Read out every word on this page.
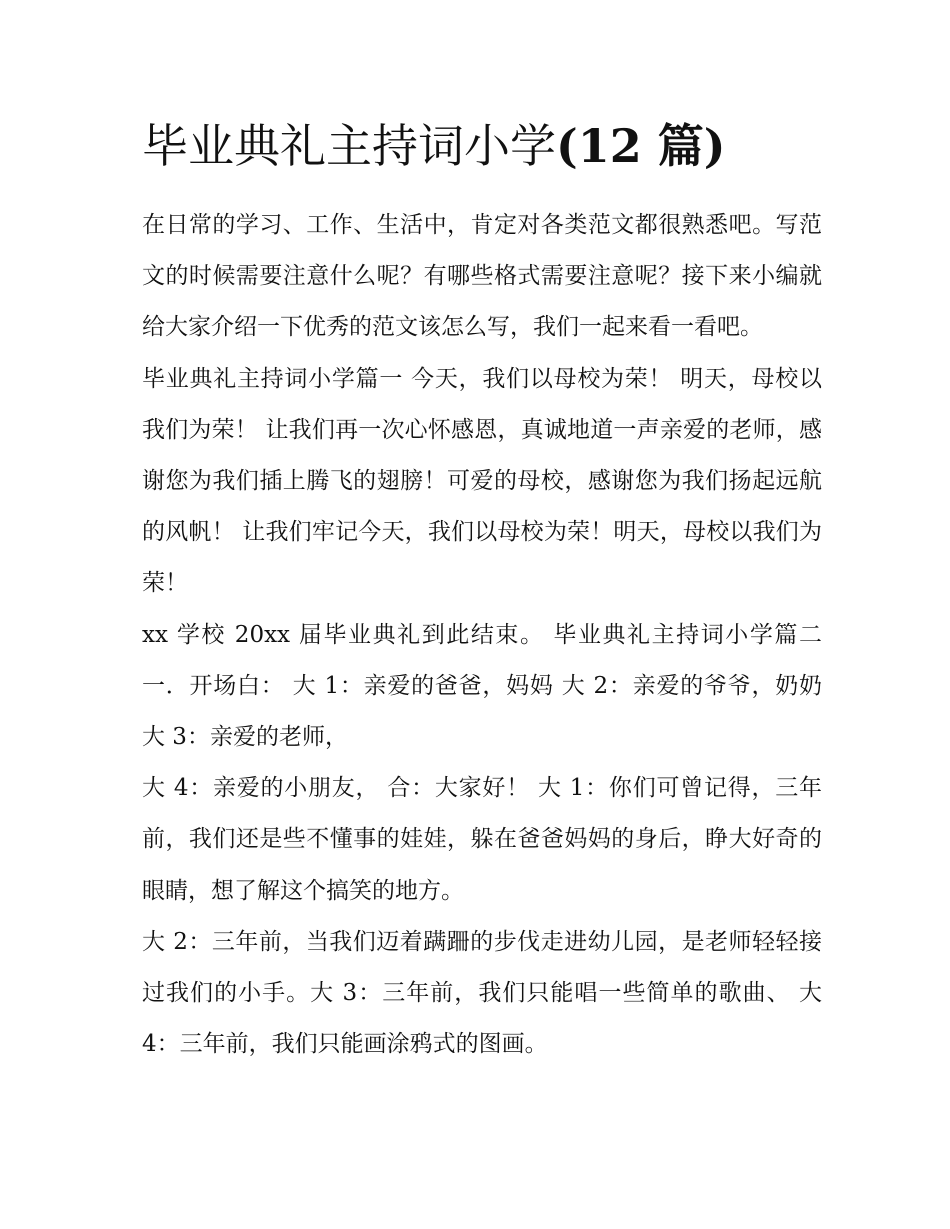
毕业典礼主持词小学(12 篇)

在日常的学习、工作、生活中，肯定对各类范文都很熟悉吧。写范文的时候需要注意什么呢？有哪些格式需要注意呢？接下来小编就给大家介绍一下优秀的范文该怎么写，我们一起来看一看吧。

毕业典礼主持词小学篇一 今天，我们以母校为荣！ 明天，母校以我们为荣！ 让我们再一次心怀感恩，真诚地道一声亲爱的老师，感谢您为我们插上腾飞的翅膀！可爱的母校，感谢您为我们扬起远航的风帆！ 让我们牢记今天，我们以母校为荣！明天，母校以我们为荣！

xx 学校 20xx 届毕业典礼到此结束。 毕业典礼主持词小学篇二 一．开场白： 大 1：亲爱的爸爸，妈妈 大 2：亲爱的爷爷，奶奶 大 3：亲爱的老师，

大 4：亲爱的小朋友， 合：大家好！ 大 1：你们可曾记得，三年前，我们还是些不懂事的娃娃，躲在爸爸妈妈的身后，睁大好奇的眼睛，想了解这个搞笑的地方。

大 2：三年前，当我们迈着蹒跚的步伐走进幼儿园，是老师轻轻接过我们的小手。大 3：三年前，我们只能唱一些简单的歌曲、 大 4：三年前，我们只能画涂鸦式的图画。
